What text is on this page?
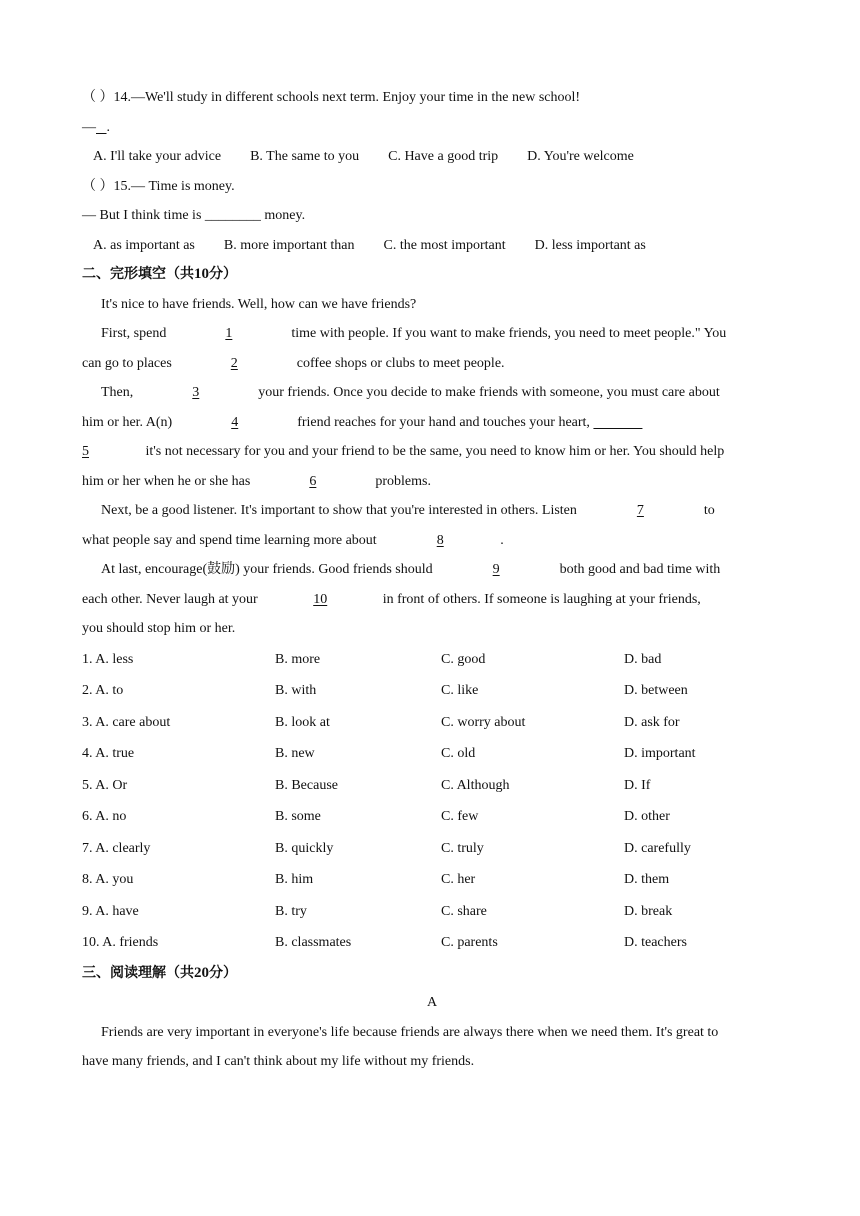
（ ）14.—We'll study in different schools next term. Enjoy your time in the new school!
— .
A. I'll take your advice B. The same to you C. Have a good trip D. You're welcome
（ ）15.— Time is money.
— But I think time is ________ money.
A. as important as B. more important than C. the most important D. less important as
二、完形填空（共10分）
It's nice to have friends. Well, how can we have friends?
First, spend	1	time with people. If you want to make friends, you need to meet people." You
can go to places	2	coffee shops or clubs to meet people.
Then,	3	your friends. Once you decide to make friends with someone, you must care about
him or her. A(n)	4	friend reaches for your hand and touches your heart,
5	it's not necessary for you and your friend to be the same, you need to know him or her. You should help
him or her when he or she has	6	problems.
Next, be a good listener. It's important to show that you're interested in others. Listen	7	to
what people say and spend time learning more about	8	.
At last, encourage(鼓励) your friends. Good friends should	9	both good and bad time with
each other. Never laugh at your	10	in front of others. If someone is laughing at your friends,
you should stop him or her.
1. A. less	B. more	C. good	D. bad
2. A. to	B. with	C. like	D. between
3. A. care about	B. look at	C. worry about	D. ask for
4. A. true	B. new	C. old	D. important
5. A. Or	B. Because	C. Although	D. If
6. A. no	B. some	C. few	D. other
7. A. clearly	B. quickly	C. truly	D. carefully
8. A. you	B. him	C. her	D. them
9. A. have	B. try	C. share	D. break
10. A. friends	B. classmates	C. parents	D. teachers
三、阅读理解（共20分）
A
Friends are very important in everyone's life because friends are always there when we need them. It's great to
have many friends, and I can't think about my life without my friends.
